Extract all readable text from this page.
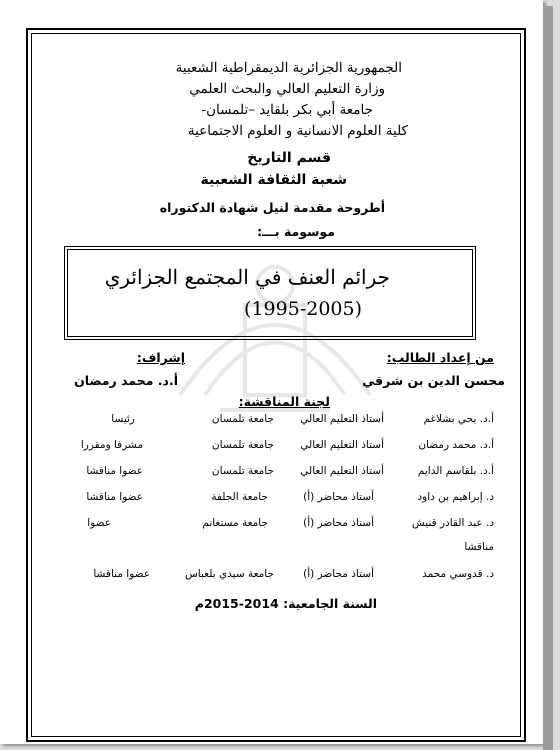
الجمهورية الجزائرية الديمقراطية الشعبية
وزارة التعليم العالي والبحث العلمي
جامعة أبي بكر بلقايد –تلمسان-
كلية العلوم الانسانية و العلوم الاجتماعية
قسم التاريخ
شعبة الثقافة الشعبية
أطروحة مقدمة لنيل شهادة الدكتوراه
موسومة بـــ:
جرائم العنف في المجتمع الجزائري
(1995-2005)
من إعداد الطالب:
محسن الدين بن شرقي
إشراف:
أ.د. محمد رمضان
لجنة المناقشة:
أ.د. يحي بشلاغم
أستاذ التعليم العالي
جامعة تلمسان
رئيسا
أ.د. محمد رمضان
أستاذ التعليم العالي
جامعة تلمسان
مشرفا ومقررا
أ.د. بلقاسم الدايم
أستاذ التعليم العالي
جامعة تلمسان
عضوا مناقشا
د. إبراهيم بن داود
أستاذ محاضر (أ)
جامعة الجلفة
عضوا مناقشا
د. عبد القادر قنيش
أستاذ محاضر (أ)
جامعة مستغانم
عضوا
مناقشا
د. قدوسي محمد
أستاذ محاضر (أ)
جامعة سيدي بلعباس
عضوا مناقشا
السنة الجامعية: 2014-2015م
